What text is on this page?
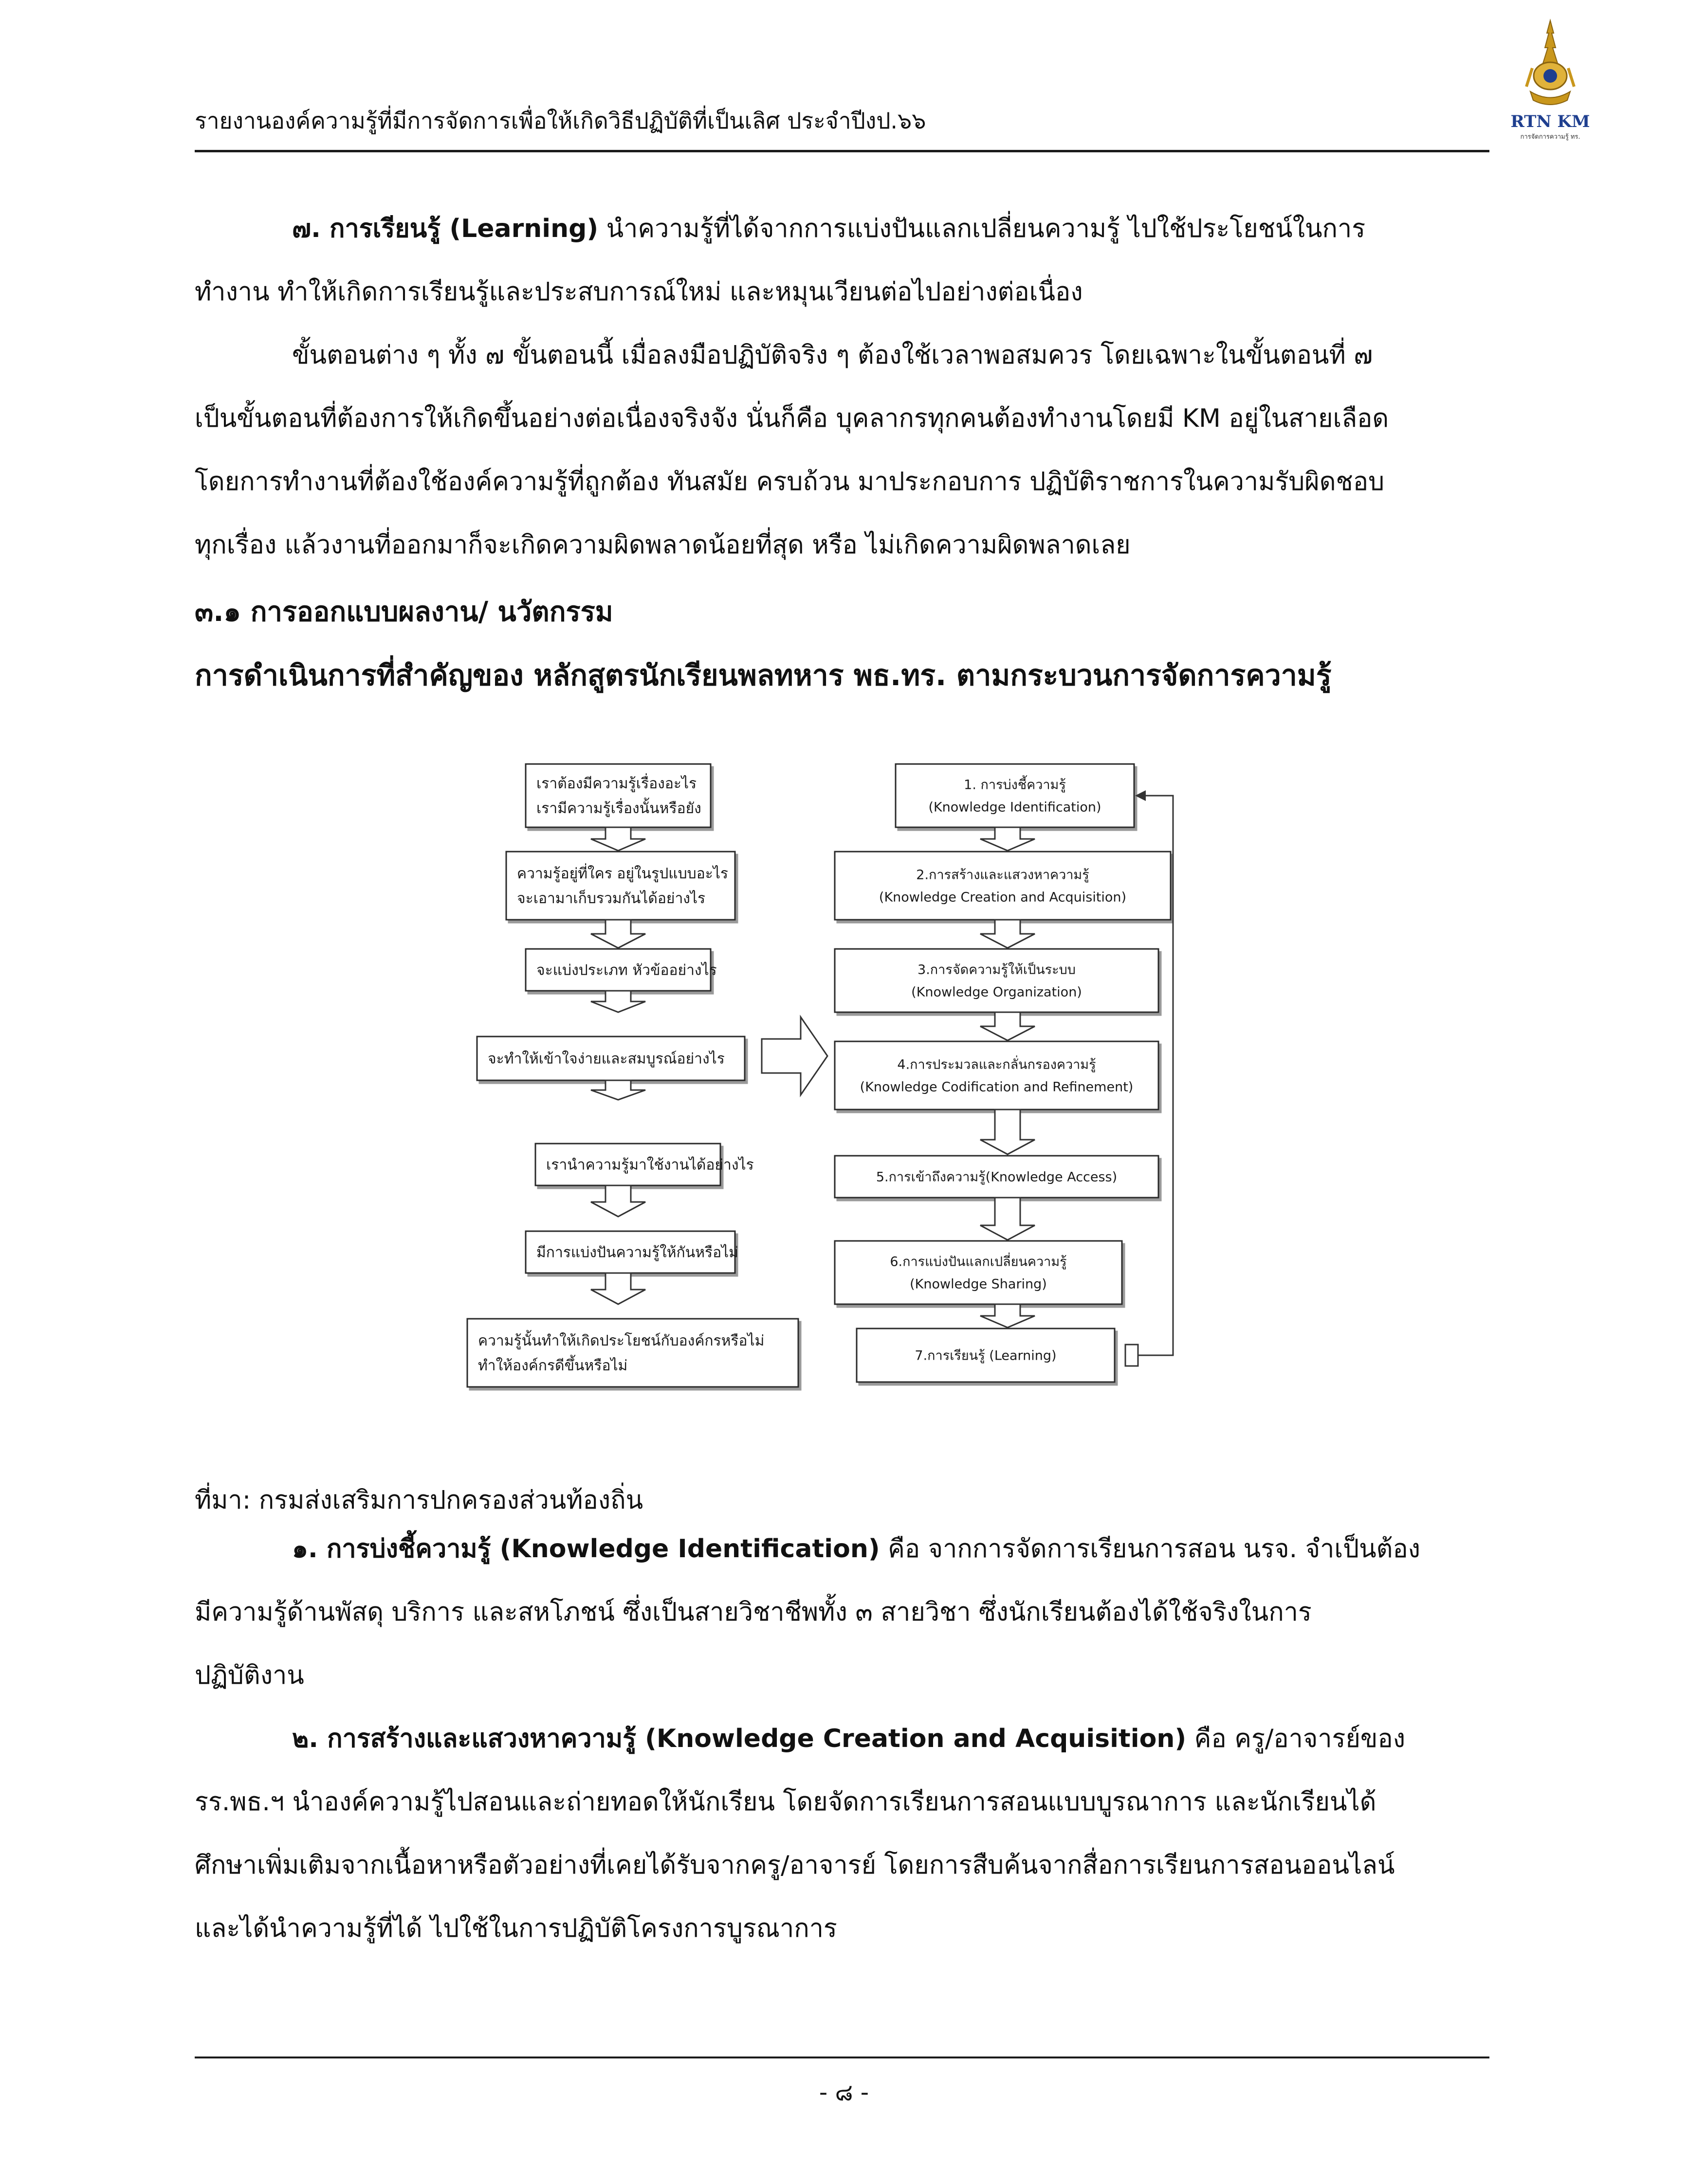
รายงานองค์ความรู้ที่มีการจัดการเพื่อให้เกิดวิธีปฏิบัติที่เป็นเลิศ ประจำปีงป.๖๖	RTN KM
การจัดการความรู้ ทร.
๗. การเรียนรู้ (Learning) นำความรู้ที่ได้จากการแบ่งปันแลกเปลี่ยนความรู้ ไปใช้ประโยชน์ในการ
ทำงาน ทำให้เกิดการเรียนรู้และประสบการณ์ใหม่ และหมุนเวียนต่อไปอย่างต่อเนื่อง
ขั้นตอนต่าง ๆ ทั้ง ๗ ขั้นตอนนี้ เมื่อลงมือปฏิบัติจริง ๆ ต้องใช้เวลาพอสมควร โดยเฉพาะในขั้นตอนที่ ๗
เป็นขั้นตอนที่ต้องการให้เกิดขึ้นอย่างต่อเนื่องจริงจัง นั่นก็คือ บุคลากรทุกคนต้องทำงานโดยมี KM อยู่ในสายเลือด
โดยการทำงานที่ต้องใช้องค์ความรู้ที่ถูกต้อง ทันสมัย ครบถ้วน มาประกอบการ ปฏิบัติราชการในความรับผิดชอบ
ทุกเรื่อง แล้วงานที่ออกมาก็จะเกิดความผิดพลาดน้อยที่สุด หรือ ไม่เกิดความผิดพลาดเลย
๓.๑ การออกแบบผลงาน/ นวัตกรรม
การดำเนินการที่สำคัญของ หลักสูตรนักเรียนพลทหาร พธ.ทร. ตามกระบวนการจัดการความรู้
เราต้องมีความรู้เรื่องอะไร
เรามีความรู้เรื่องนั้นหรือยัง
ความรู้อยู่ที่ใคร อยู่ในรูปแบบอะไร
จะเอามาเก็บรวมกันได้อย่างไร
จะแบ่งประเภท หัวข้ออย่างไร
จะทำให้เข้าใจง่ายและสมบูรณ์อย่างไร
เรานำความรู้มาใช้งานได้อย่างไร
มีการแบ่งปันความรู้ให้กันหรือไม่
ความรู้นั้นทำให้เกิดประโยชน์กับองค์กรหรือไม่
ทำให้องค์กรดีขึ้นหรือไม่
1. การบ่งชี้ความรู้
(Knowledge Identification)
2.การสร้างและแสวงหาความรู้
(Knowledge Creation and Acquisition)
3.การจัดความรู้ให้เป็นระบบ
(Knowledge Organization)
4.การประมวลและกลั่นกรองความรู้
(Knowledge Codification and Refinement)
5.การเข้าถึงความรู้(Knowledge Access)
6.การแบ่งปันแลกเปลี่ยนความรู้
(Knowledge Sharing)
7.การเรียนรู้ (Learning)
ที่มา: กรมส่งเสริมการปกครองส่วนท้องถิ่น
๑. การบ่งชี้ความรู้ (Knowledge Identification) คือ จากการจัดการเรียนการสอน นรจ. จำเป็นต้อง
มีความรู้ด้านพัสดุ บริการ และสหโภชน์ ซึ่งเป็นสายวิชาชีพทั้ง ๓ สายวิชา ซึ่งนักเรียนต้องได้ใช้จริงในการ
ปฏิบัติงาน
๒. การสร้างและแสวงหาความรู้ (Knowledge Creation and Acquisition) คือ ครู/อาจารย์ของ
รร.พธ.ฯ นำองค์ความรู้ไปสอนและถ่ายทอดให้นักเรียน โดยจัดการเรียนการสอนแบบบูรณาการ และนักเรียนได้
ศึกษาเพิ่มเติมจากเนื้อหาหรือตัวอย่างที่เคยได้รับจากครู/อาจารย์ โดยการสืบค้นจากสื่อการเรียนการสอนออนไลน์
และได้นำความรู้ที่ได้ ไปใช้ในการปฏิบัติโครงการบูรณาการ
- ๘ -
